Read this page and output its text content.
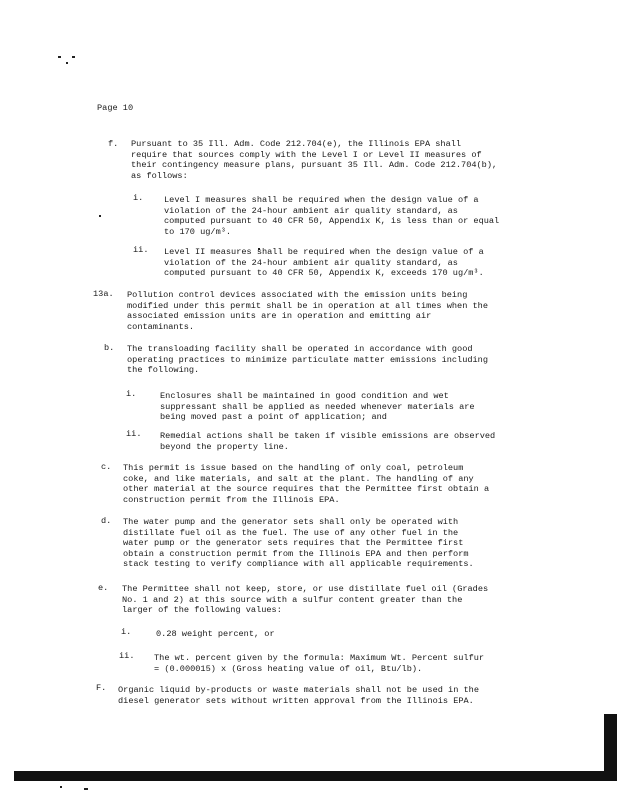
Page 10
f. Pursuant to 35 Ill. Adm. Code 212.704(e), the Illinois EPA shall
require that sources comply with the Level I or Level II measures of
their contingency measure plans, pursuant 35 Ill. Adm. Code 212.704(b),
as follows:
i. Level I measures shall be required when the design value of a
violation of the 24-hour ambient air quality standard, as
computed pursuant to 40 CFR 50, Appendix K, is less than or equal
to 170 ug/m³.
ii. Level II measures shall be required when the design value of a
violation of the 24-hour ambient air quality standard, as
computed pursuant to 40 CFR 50, Appendix K, exceeds 170 ug/m³.
13a. Pollution control devices associated with the emission units being
modified under this permit shall be in operation at all times when the
associated emission units are in operation and emitting air
contaminants.
b. The transloading facility shall be operated in accordance with good
operating practices to minimize particulate matter emissions including
the following.
i.	Enclosures shall be maintained in good condition and wet
suppressant shall be applied as needed whenever materials are
being moved past a point of application; and
ii. Remedial actions shall be taken if visible emissions are observed
beyond the property line.
c. This permit is issue based on the handling of only coal, petroleum
coke, and like materials, and salt at the plant. The handling of any
other material at the source requires that the Permittee first obtain a
construction permit from the Illinois EPA.
d. The water pump and the generator sets shall only be operated with
distillate fuel oil as the fuel. The use of any other fuel in the
water pump or the generator sets requires that the Permittee first
obtain a construction permit from the Illinois EPA and then perform
stack testing to verify compliance with all applicable requirements.
e. The Permittee shall not keep, store, or use distillate fuel oil (Grades
No. 1 and 2) at this source with a sulfur content greater than the
larger of the following values:
i.	0.28 weight percent, or
ii. The wt. percent given by the formula: Maximum Wt. Percent sulfur
= (0.000015) x (Gross heating value of oil, Btu/lb).
F. Organic liquid by-products or waste materials shall not be used in the
diesel generator sets without written approval from the Illinois EPA.
